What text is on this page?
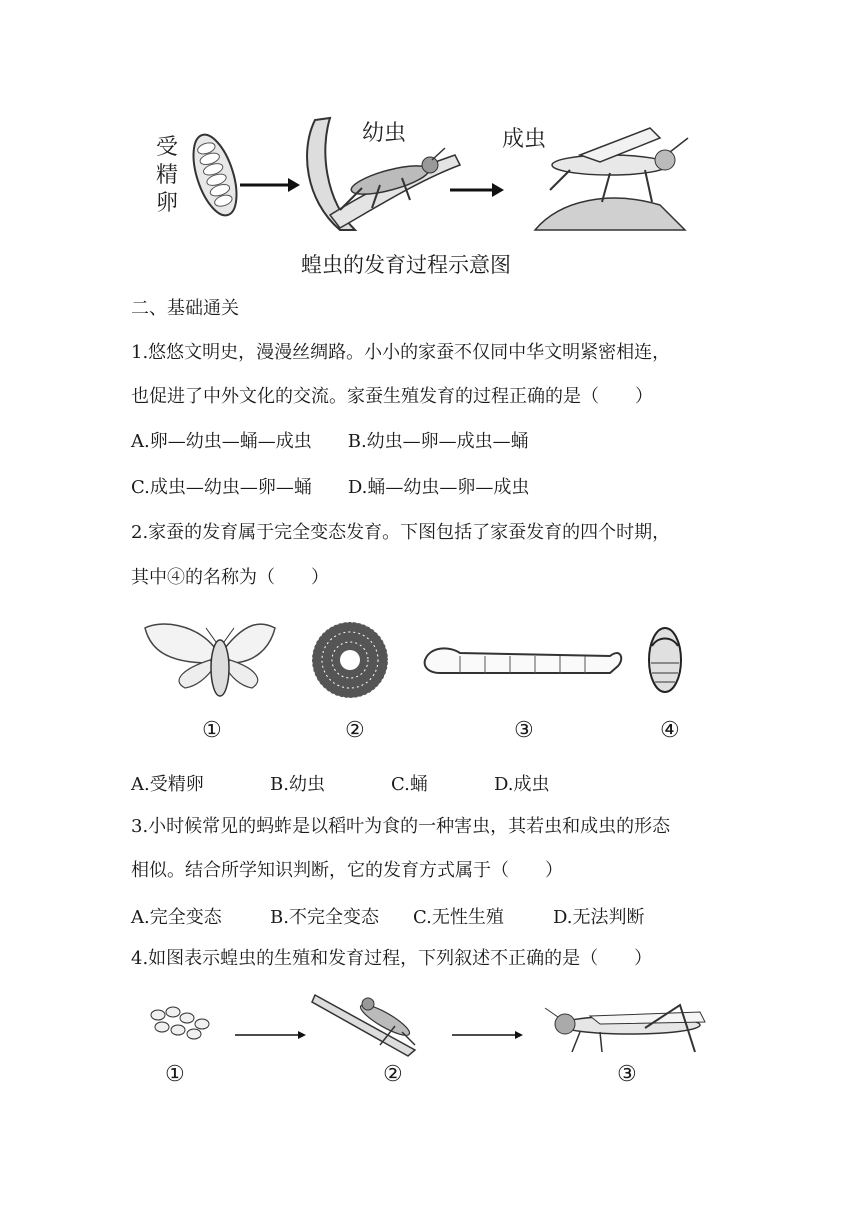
受
精
卵
幼虫	成虫
蝗虫的发育过程示意图
二、基础通关
1.悠悠文明史，漫漫丝绸路。小小的家蚕不仅同中华文明紧密相连，
也促进了中外文化的交流。家蚕生殖发育的过程正确的是（　　）
A.卵—幼虫—蛹—成虫　　B.幼虫—卵—成虫—蛹
C.成虫—幼虫—卵—蛹　　D.蛹—幼虫—卵—成虫
2.家蚕的发育属于完全变态发育。下图包括了家蚕发育的四个时期，
其中④的名称为（　　）
①	②	③	④
A.受精卵	B.幼虫	C.蛹	D.成虫
3.小时候常见的蚂蚱是以稻叶为食的一种害虫，其若虫和成虫的形态
相似。结合所学知识判断，它的发育方式属于（　　）
A.完全变态	B.不完全变态 C.无性生殖	D.无法判断
4.如图表示蝗虫的生殖和发育过程，下列叙述不正确的是（　　）
①	②	③
